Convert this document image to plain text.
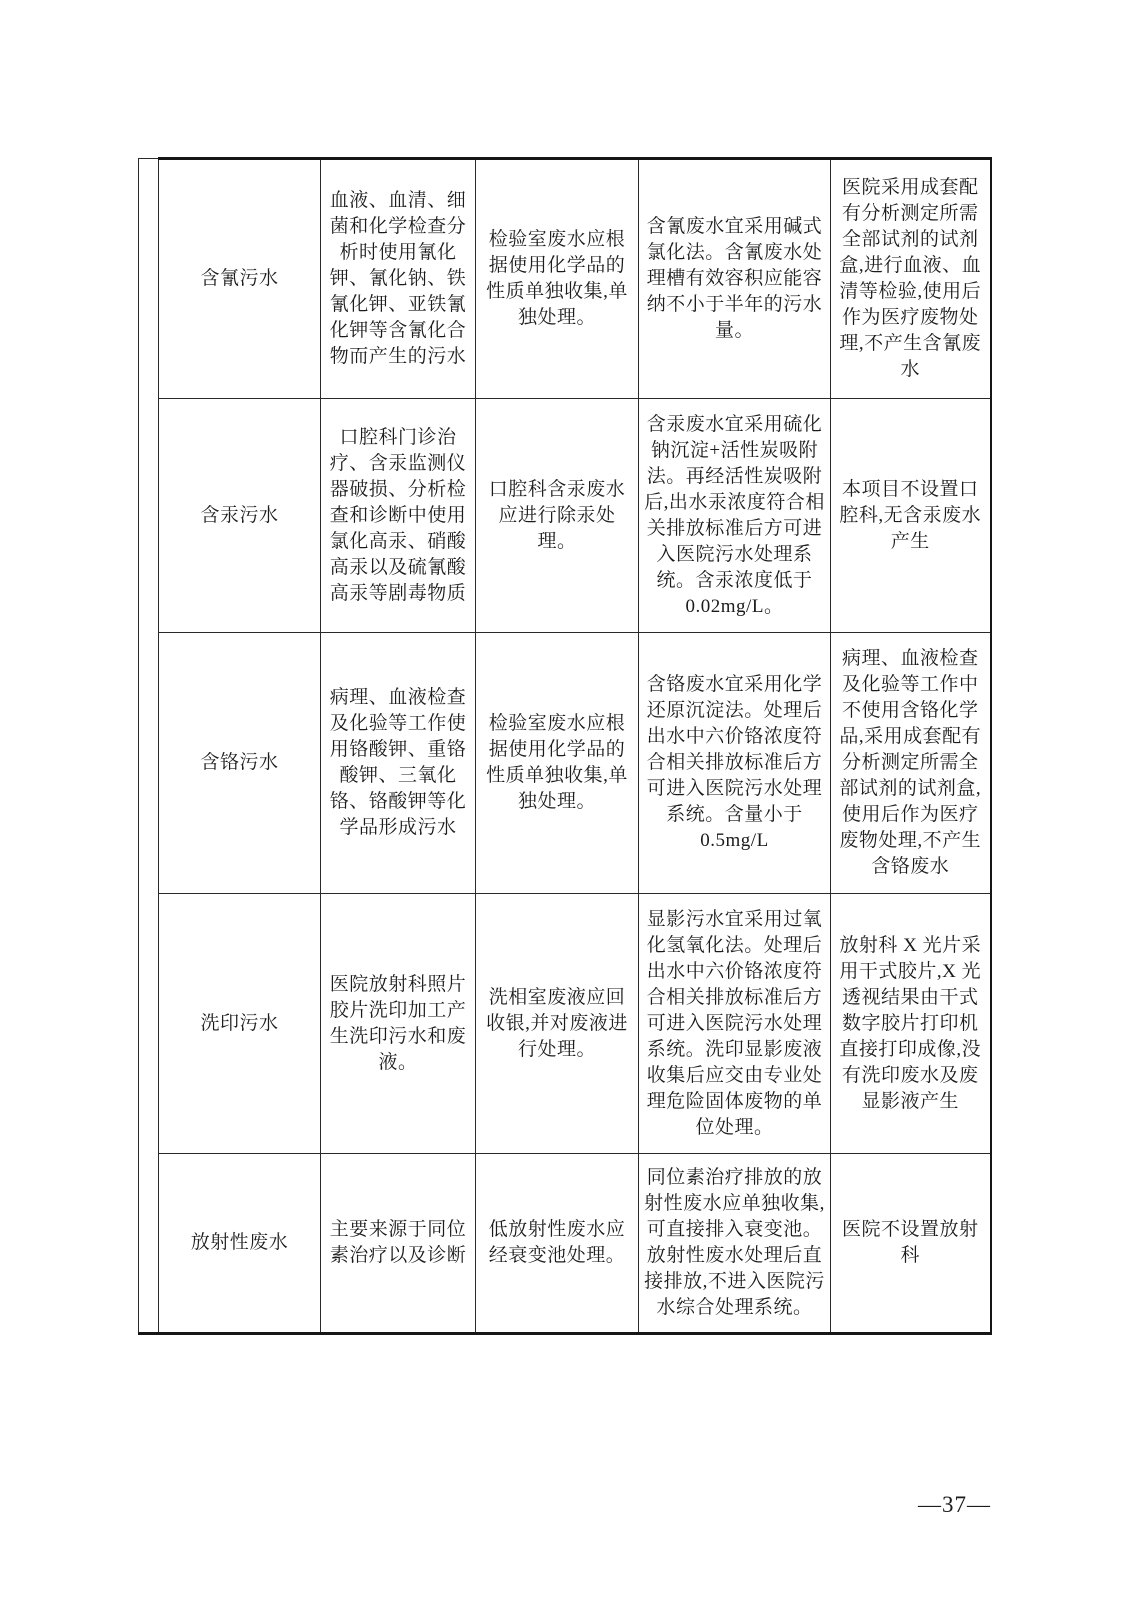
	含氰污水	血液、血清、细菌和化学检查分析时使用氰化钾、氰化钠、铁氰化钾、亚铁氰化钾等含氰化合物而产生的污水	检验室废水应根据使用化学品的性质单独收集,单独处理。	含氰废水宜采用碱式氯化法。含氰废水处理槽有效容积应能容纳不小于半年的污水量。	医院采用成套配有分析测定所需全部试剂的试剂盒,进行血液、血清等检验,使用后作为医疗废物处理,不产生含氰废水
	含汞污水	口腔科门诊治疗、含汞监测仪器破损、分析检查和诊断中使用氯化高汞、硝酸高汞以及硫氰酸高汞等剧毒物质	口腔科含汞废水应进行除汞处理。	含汞废水宜采用硫化钠沉淀+活性炭吸附法。再经活性炭吸附后,出水汞浓度符合相关排放标准后方可进入医院污水处理系统。含汞浓度低于 0.02mg/L。	本项目不设置口腔科,无含汞废水产生
	含铬污水	病理、血液检查及化验等工作使用铬酸钾、重铬酸钾、三氧化铬、铬酸钾等化学品形成污水	检验室废水应根据使用化学品的性质单独收集,单独处理。	含铬废水宜采用化学还原沉淀法。处理后出水中六价铬浓度符合相关排放标准后方可进入医院污水处理系统。含量小于 0.5mg/L	病理、血液检查及化验等工作中不使用含铬化学品,采用成套配有分析测定所需全部试剂的试剂盒,使用后作为医疗废物处理,不产生含铬废水
	洗印污水	医院放射科照片胶片洗印加工产生洗印污水和废液。	洗相室废液应回收银,并对废液进行处理。	显影污水宜采用过氧化氢氧化法。处理后出水中六价铬浓度符合相关排放标准后方可进入医院污水处理系统。洗印显影废液收集后应交由专业处理危险固体废物的单位处理。	放射科 X 光片采用干式胶片,X 光透视结果由干式数字胶片打印机直接打印成像,没有洗印废水及废显影液产生
	放射性废水	主要来源于同位素治疗以及诊断	低放射性废水应经衰变池处理。	同位素治疗排放的放射性废水应单独收集,可直接排入衰变池。放射性废水处理后直接排放,不进入医院污水综合处理系统。	医院不设置放射科
—37—
